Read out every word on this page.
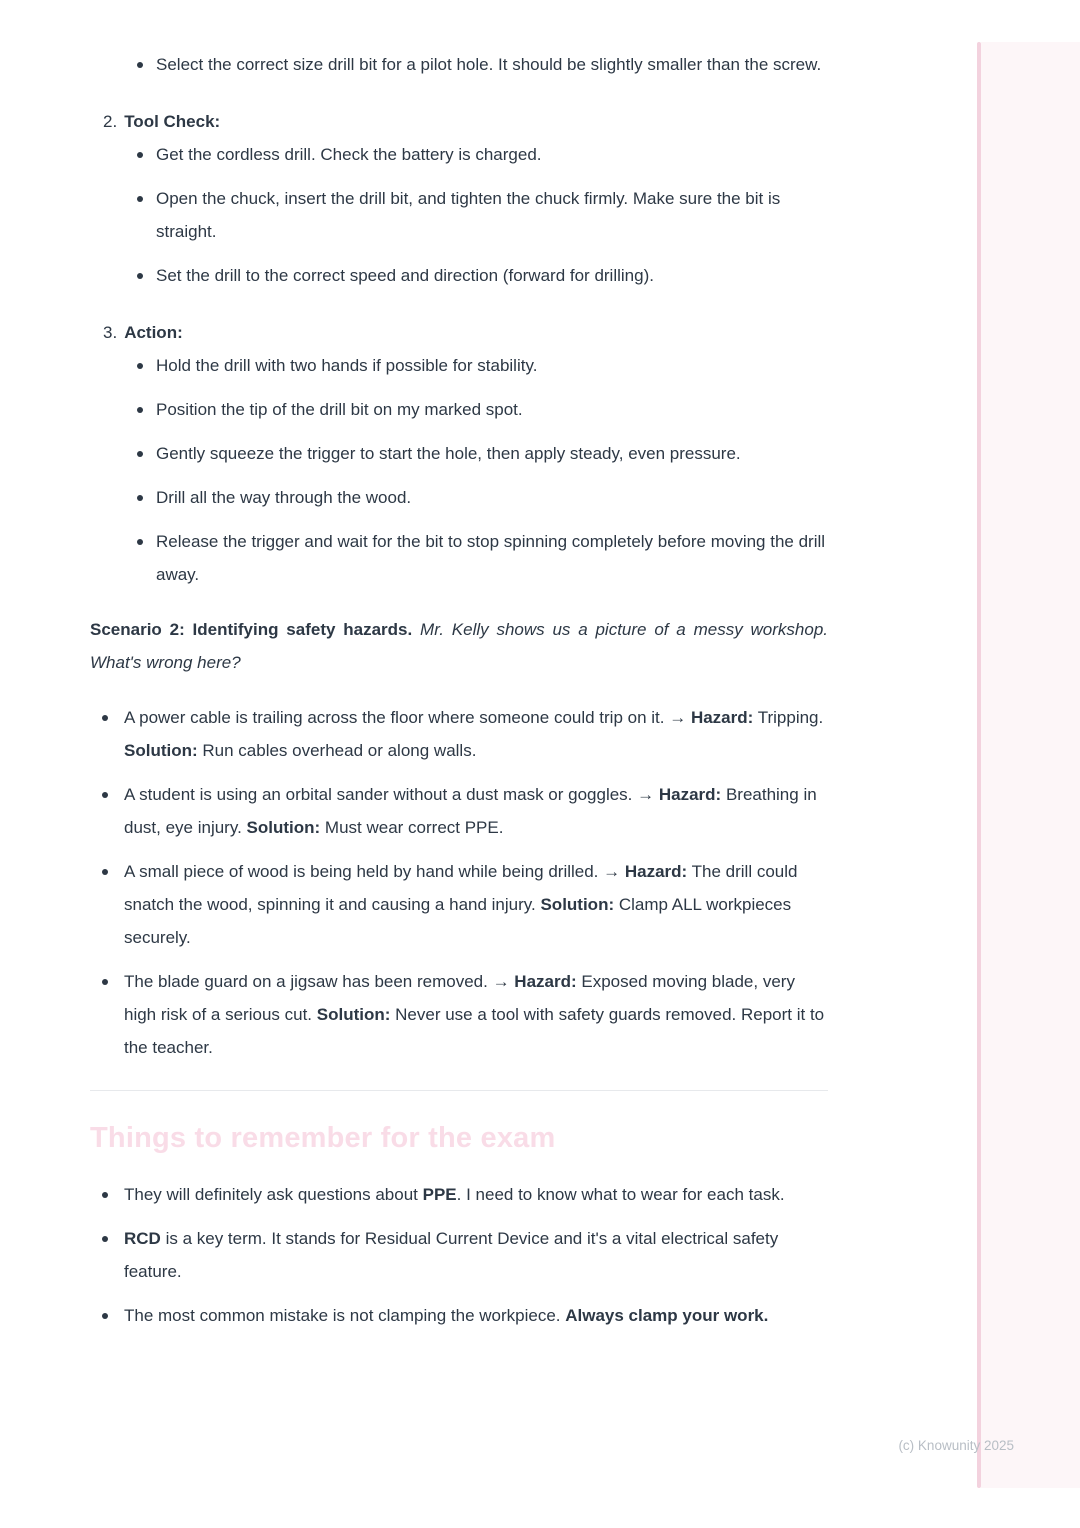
Select the correct size drill bit for a pilot hole. It should be slightly smaller than the screw.
2. Tool Check:
Get the cordless drill. Check the battery is charged.
Open the chuck, insert the drill bit, and tighten the chuck firmly. Make sure the bit is straight.
Set the drill to the correct speed and direction (forward for drilling).
3. Action:
Hold the drill with two hands if possible for stability.
Position the tip of the drill bit on my marked spot.
Gently squeeze the trigger to start the hole, then apply steady, even pressure.
Drill all the way through the wood.
Release the trigger and wait for the bit to stop spinning completely before moving the drill away.

Scenario 2: Identifying safety hazards. Mr. Kelly shows us a picture of a messy workshop. What's wrong here?

A power cable is trailing across the floor where someone could trip on it. → Hazard: Tripping. Solution: Run cables overhead or along walls.
A student is using an orbital sander without a dust mask or goggles. → Hazard: Breathing in dust, eye injury. Solution: Must wear correct PPE.
A small piece of wood is being held by hand while being drilled. → Hazard: The drill could snatch the wood, spinning it and causing a hand injury. Solution: Clamp ALL workpieces securely.
The blade guard on a jigsaw has been removed. → Hazard: Exposed moving blade, very high risk of a serious cut. Solution: Never use a tool with safety guards removed. Report it to the teacher.
Things to remember for the exam
They will definitely ask questions about PPE. I need to know what to wear for each task.
RCD is a key term. It stands for Residual Current Device and it's a vital electrical safety feature.
The most common mistake is not clamping the workpiece. Always clamp your work.
(c) Knowunity 2025
